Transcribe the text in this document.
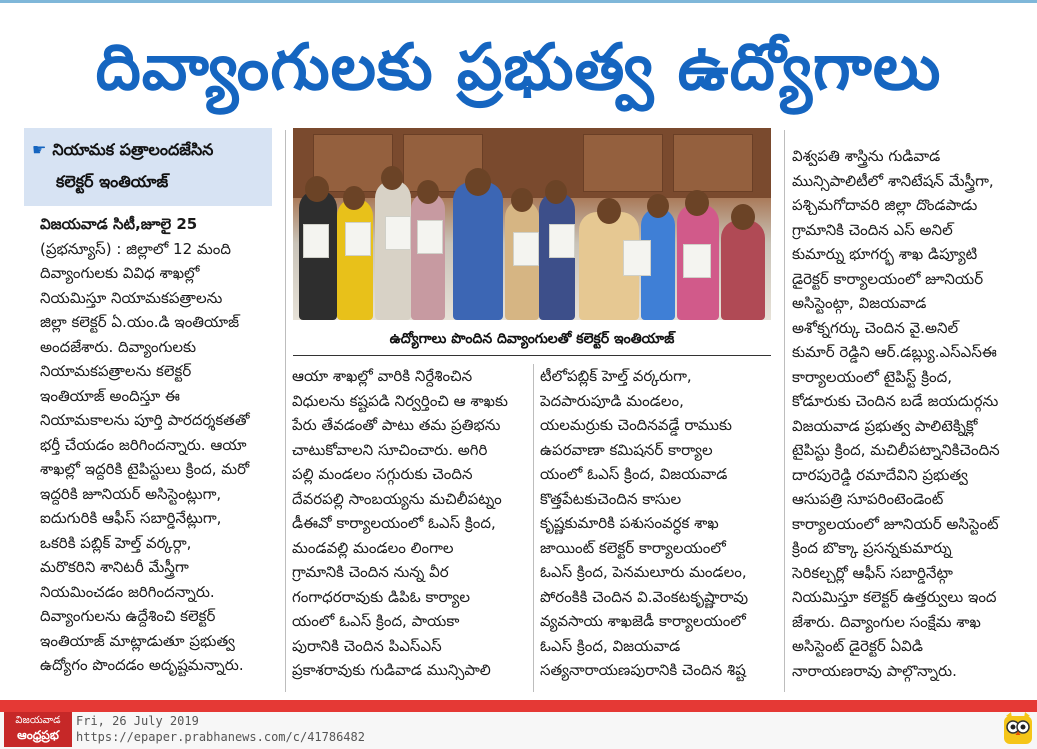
దివ్యాంగులకు ప్రభుత్వ ఉద్యోగాలు
☛ నియామక పత్రాలందజేసిన
కలెక్టర్ ఇంతియాజ్

విజయవాడ సిటీ,జూలై 25

(ప్రభన్యూస్) : జిల్లాలో 12 మంది

దివ్యాంగులకు వివిధ శాఖల్లో

నియమిస్తూ నియామకపత్రాలను

జిల్లా కలెక్టర్ ఏ.యం.డి ఇంతియాజ్

అందజేశారు. దివ్యాంగులకు

నియామకపత్రాలను కలెక్టర్

ఇంతియాజ్ అందిస్తూ ఈ

నియామకాలను పూర్తి పారదర్శకతతో

భర్తీ చేయడం జరిగిందన్నారు. ఆయా

శాఖల్లో ఇద్దరికి టైపిస్టులు క్రింద, మరో

ఇద్దరికి జూనియర్ అసిస్టెంట్లుగా,

ఐదుగురికి ఆఫీస్ సబార్డినేట్లుగా,

ఒకరికి పబ్లిక్ హెల్త్ వర్కర్గా,

మరొకరిని శానిటరీ మేస్త్రీగా

నియమించడం జరిగిందన్నారు.

దివ్యాంగులను ఉద్దేశించి కలెక్టర్

ఇంతియాజ్ మాట్లాడుతూ ప్రభుత్వ

ఉద్యోగం పొందడం అదృష్టమన్నారు.

ఉద్యోగాలు పొందిన దివ్యాంగులతో కలెక్టర్ ఇంతియాజ్

ఆయా శాఖల్లో వారికి నిర్దేశించిన

విధులను కష్టపడి నిర్వర్తించి ఆ శాఖకు

పేరు తేవడంతో పాటు తమ ప్రతిభను

చాటుకోవాలని సూచించారు. అగిరి

పల్లి మండలం సగ్గురుకు చెందిన

దేవరపల్లి సాంబయ్యను మచిలీపట్నం

డీఈవో కార్యాలయంలో ఓఎస్ క్రింద,

మండవల్లి మండలం లింగాల

గ్రామానికి చెందిన నున్న వీర

గంగాధరరావుకు డిపిఓ కార్యాల

యంలో ఓఎస్ క్రింద, పాయకా

పురానికి చెందిన పిఎస్ఎస్

ప్రకాశరావుకు గుడివాడ మున్సిపాలి

టీలోపబ్లిక్ హెల్త్ వర్కరుగా,

పెదపారుపూడి మండలం,

యలమర్రుకు చెందినవడ్డే రాముకు

ఉపరవాణా కమిషనర్ కార్యాల

యంలో ఓఎస్ క్రింద, విజయవాడ

కొత్తపేటకుచెందిన కాసుల

కృష్ణకుమారికి పశుసంవర్ధక శాఖ

జాయింట్ కలెక్టర్ కార్యాలయంలో

ఓఎస్ క్రింద, పెనమలూరు మండలం,

పోరంకికి చెందిన వి.వెంకటకృష్ణారావు

వ్యవసాయ శాఖజెడీ కార్యాలయంలో

ఓఎస్ క్రింద, విజయవాడ

సత్యనారాయణపురానికి చెందిన శిష్ట

విశ్వపతి శాస్త్రిను గుడివాడ

మున్సిపాలిటీలో శానిటేషన్ మేస్త్రీగా,

పశ్చిమగోదావరి జిల్లా దొండపాడు

గ్రామానికి చెందిన ఎస్ అనిల్

కుమార్ను భూగర్భ శాఖ డిప్యూటి

డైరెక్టర్ కార్యాలయంలో జూనియర్

అసిస్టెంట్గా, విజయవాడ

అశోక్నగర్కు చెందిన వై.అనిల్

కుమార్ రెడ్డిని ఆర్.డబ్ల్యు.ఎస్ఎస్ఈ

కార్యాలయంలో టైపిస్ట్ క్రింద,

కోడూరుకు చెందిన బడే జయదుర్గను

విజయవాడ ప్రభుత్వ పాలిటెక్నిక్లో

టైపిస్టు క్రింద, మచిలీపట్నానికిచెందిన

దారపురెడ్డి రమాదేవిని ప్రభుత్వ

ఆసుపత్రి సూపరింటెండెంట్

కార్యాలయంలో జూనియర్ అసిస్టెంట్

క్రింద బొక్కా ప్రసన్నకుమార్ను

సెరికల్చర్లో ఆఫీస్ సబార్డినేట్గా

నియమిస్తూ కలెక్టర్ ఉత్తర్వులు ఇంద

జేశారు. దివ్యాంగుల సంక్షేమ శాఖ

అసిస్టెంట్ డైరెక్టర్ ఏవిడి

నారాయణరావు పాల్గొన్నారు.

విజయవాడ
ఆంధ్రప్రభ
Fri, 26 July 2019
https://epaper.prabhanews.com/c/41786482
